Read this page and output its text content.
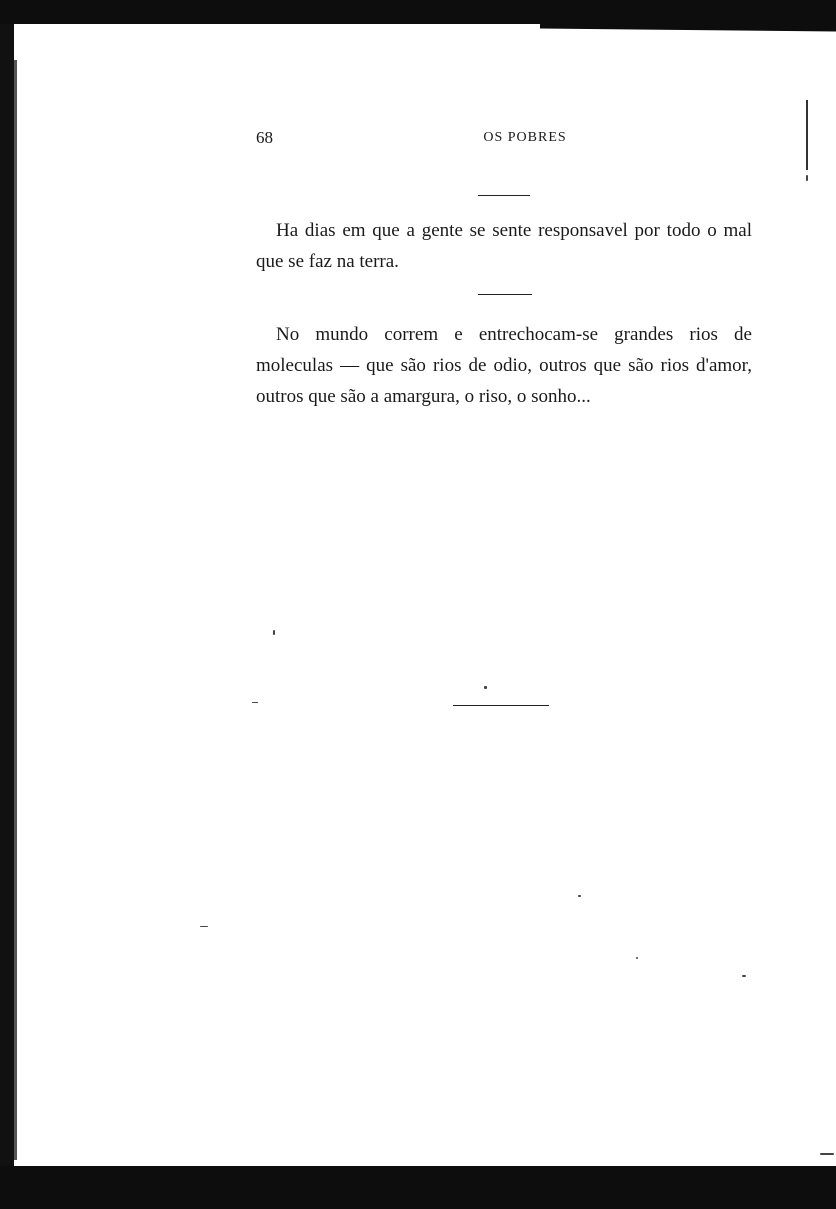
68	OS POBRES

Ha dias em que a gente se sente responsavel por todo o mal que se faz na terra.

No mundo correm e entrechocam-se grandes rios de moleculas — que são rios de odio, outros que são rios d'amor, outros que são a amargura, o riso, o sonho...
